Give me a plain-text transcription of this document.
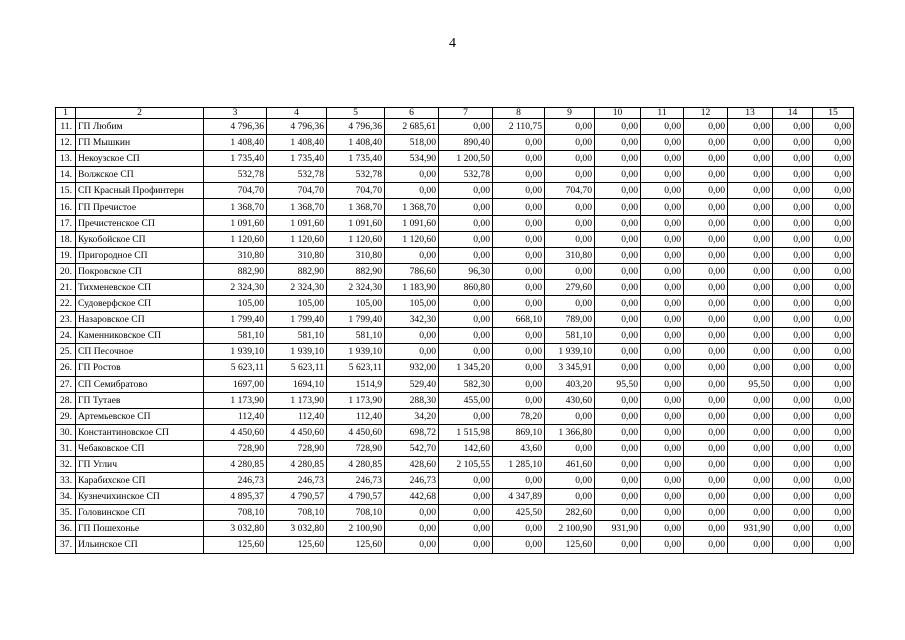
4
1	2	3	4	5	6	7	8	9	10	11	12	13	14	15
11.	ГП Любим	4 796,36	4 796,36	4 796,36	2 685,61	0,00	2 110,75	0,00	0,00	0,00	0,00	0,00	0,00	0,00
12.	ГП Мышкин	1 408,40	1 408,40	1 408,40	518,00	890,40	0,00	0,00	0,00	0,00	0,00	0,00	0,00	0,00
13.	Некоузское СП	1 735,40	1 735,40	1 735,40	534,90	1 200,50	0,00	0,00	0,00	0,00	0,00	0,00	0,00	0,00
14.	Волжское СП	532,78	532,78	532,78	0,00	532,78	0,00	0,00	0,00	0,00	0,00	0,00	0,00	0,00
15.	СП Красный Профинтерн	704,70	704,70	704,70	0,00	0,00	0,00	704,70	0,00	0,00	0,00	0,00	0,00	0,00
16.	ГП Пречистое	1 368,70	1 368,70	1 368,70	1 368,70	0,00	0,00	0,00	0,00	0,00	0,00	0,00	0,00	0,00
17.	Пречистенское СП	1 091,60	1 091,60	1 091,60	1 091,60	0,00	0,00	0,00	0,00	0,00	0,00	0,00	0,00	0,00
18.	Кукобойское СП	1 120,60	1 120,60	1 120,60	1 120,60	0,00	0,00	0,00	0,00	0,00	0,00	0,00	0,00	0,00
19.	Пригородное СП	310,80	310,80	310,80	0,00	0,00	0,00	310,80	0,00	0,00	0,00	0,00	0,00	0,00
20.	Покровское СП	882,90	882,90	882,90	786,60	96,30	0,00	0,00	0,00	0,00	0,00	0,00	0,00	0,00
21.	Тихменевское СП	2 324,30	2 324,30	2 324,30	1 183,90	860,80	0,00	279,60	0,00	0,00	0,00	0,00	0,00	0,00
22.	Судоверфское СП	105,00	105,00	105,00	105,00	0,00	0,00	0,00	0,00	0,00	0,00	0,00	0,00	0,00
23.	Назаровское СП	1 799,40	1 799,40	1 799,40	342,30	0,00	668,10	789,00	0,00	0,00	0,00	0,00	0,00	0,00
24.	Каменниковское СП	581,10	581,10	581,10	0,00	0,00	0,00	581,10	0,00	0,00	0,00	0,00	0,00	0,00
25.	СП Песочное	1 939,10	1 939,10	1 939,10	0,00	0,00	0,00	1 939,10	0,00	0,00	0,00	0,00	0,00	0,00
26.	ГП Ростов	5 623,11	5 623,11	5 623,11	932,00	1 345,20	0,00	3 345,91	0,00	0,00	0,00	0,00	0,00	0,00
27.	СП Семибратово	1697,00	1694,10	1514,9	529,40	582,30	0,00	403,20	95,50	0,00	0,00	95,50	0,00	0,00
28.	ГП Тутаев	1 173,90	1 173,90	1 173,90	288,30	455,00	0,00	430,60	0,00	0,00	0,00	0,00	0,00	0,00
29.	Артемьевское СП	112,40	112,40	112,40	34,20	0,00	78,20	0,00	0,00	0,00	0,00	0,00	0,00	0,00
30.	Константиновское СП	4 450,60	4 450,60	4 450,60	698,72	1 515,98	869,10	1 366,80	0,00	0,00	0,00	0,00	0,00	0,00
31.	Чебаковское СП	728,90	728,90	728,90	542,70	142,60	43,60	0,00	0,00	0,00	0,00	0,00	0,00	0,00
32.	ГП Углич	4 280,85	4 280,85	4 280,85	428,60	2 105,55	1 285,10	461,60	0,00	0,00	0,00	0,00	0,00	0,00
33.	Карабихское СП	246,73	246,73	246,73	246,73	0,00	0,00	0,00	0,00	0,00	0,00	0,00	0,00	0,00
34.	Кузнечихинское СП	4 895,37	4 790,57	4 790,57	442,68	0,00	4 347,89	0,00	0,00	0,00	0,00	0,00	0,00	0,00
35.	Головинское СП	708,10	708,10	708,10	0,00	0,00	425,50	282,60	0,00	0,00	0,00	0,00	0,00	0,00
36.	ГП Пошехонье	3 032,80	3 032,80	2 100,90	0,00	0,00	0,00	2 100,90	931,90	0,00	0,00	931,90	0,00	0,00
37.	Ильинское СП	125,60	125,60	125,60	0,00	0,00	0,00	125,60	0,00	0,00	0,00	0,00	0,00	0,00
